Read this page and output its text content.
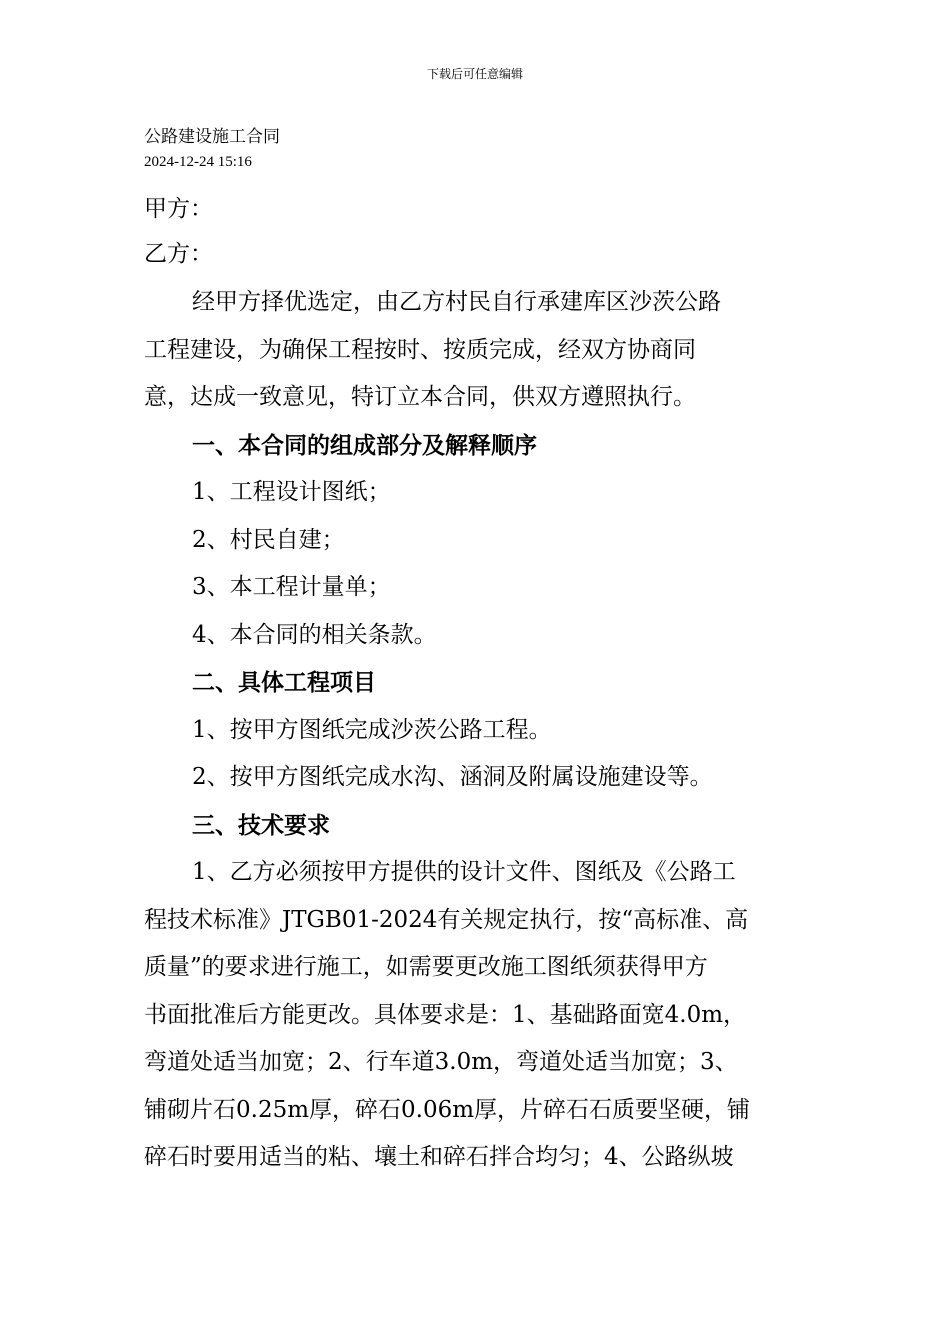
下载后可任意编辑
公路建设施工合同
2024-12-24 15:16
甲方：
乙方：
经甲方择优选定，由乙方村民自行承建库区沙茨公路
工程建设，为确保工程按时、按质完成，经双方协商同
意，达成一致意见，特订立本合同，供双方遵照执行。
一、本合同的组成部分及解释顺序
1、工程设计图纸；
2、村民自建；
3、本工程计量单；
4、本合同的相关条款。
二、具体工程项目
1、按甲方图纸完成沙茨公路工程。
2、按甲方图纸完成水沟、涵洞及附属设施建设等。
三、技术要求
1、乙方必须按甲方提供的设计文件、图纸及《公路工
程技术标准》JTGB01-2024有关规定执行，按“高标准、高
质量”的要求进行施工，如需要更改施工图纸须获得甲方
书面批准后方能更改。具体要求是：1、基础路面宽4.0m，
弯道处适当加宽；2、行车道3.0m，弯道处适当加宽；3、
铺砌片石0.25m厚，碎石0.06m厚，片碎石石质要坚硬，铺
碎石时要用适当的粘、壤土和碎石拌合均匀；4、公路纵坡
